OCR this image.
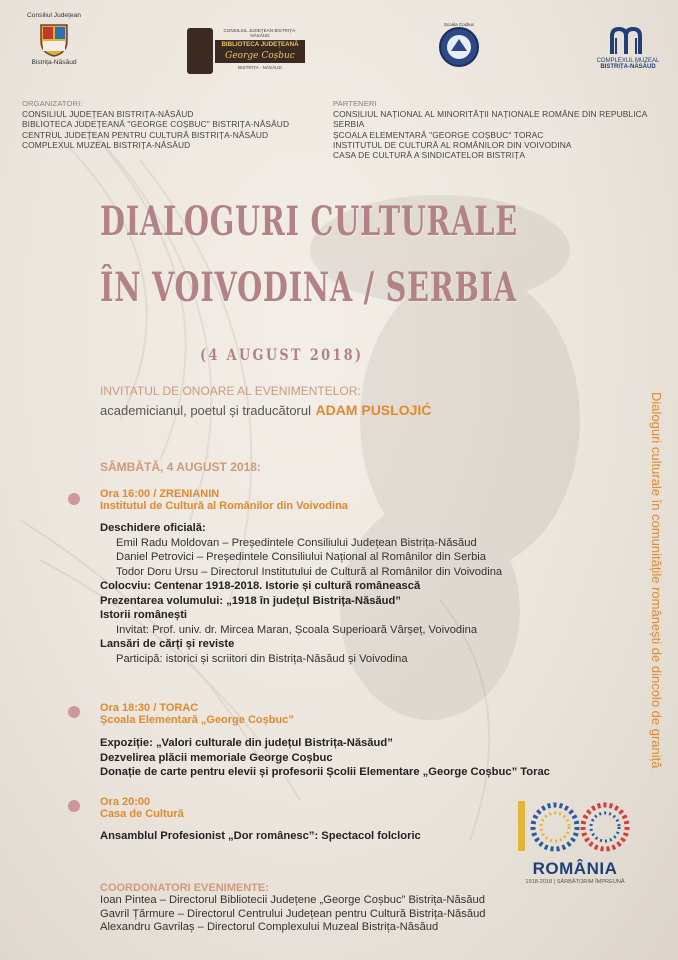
Consiliul Județean
Bistrița-Năsăud
CONSILIUL JUDEȚEAN BISTRIȚA-NĂSĂUD
BIBLIOTECA JUDEȚEANĂ
George Coșbuc
BISTRIȚA - NĂSĂUD
Școala Coșbuc
COMPLEXUL MUZEAL
BISTRIȚA-NĂSĂUD
ORGANIZATORI:
CONSILIUL JUDEȚEAN BISTRIȚA-NĂSĂUD
BIBLIOTECA JUDEȚEANĂ "GEORGE COȘBUC" BISTRIȚA-NĂSĂUD
CENTRUL JUDEȚEAN PENTRU CULTURĂ BISTRIȚA-NĂSĂUD
COMPLEXUL MUZEAL BISTRIȚA-NĂSĂUD
PARTENERI
CONSILIUL NAȚIONAL AL MINORITĂȚII NAȚIONALE ROMÂNE DIN REPUBLICA SERBIA
ȘCOALA ELEMENTARĂ "GEORGE COȘBUC" TORAC
INSTITUTUL DE CULTURĂ AL ROMÂNILOR DIN VOIVODINA
CASA DE CULTURĂ A SINDICATELOR BISTRIȚA
DIALOGURI CULTURALE
ÎN VOIVODINA / SERBIA
(4 AUGUST 2018)
INVITATUL DE ONOARE AL EVENIMENTELOR:
academicianul, poetul și traducătorul ADAM PUSLOJIĆ
SÂMBĂTĂ, 4 AUGUST 2018:
Ora 16:00 / ZRENIANIN
Institutul de Cultură al Românilor din Voivodina
Deschidere oficială:
Emil Radu Moldovan – Președintele Consiliului Județean Bistrița-Năsăud
Daniel Petrovici – Președintele Consiliului Național al Românilor din Serbia
Todor Doru Ursu – Directorul Institutului de Cultură al Românilor din Voivodina
Colocviu: Centenar 1918-2018. Istorie și cultură românească
Prezentarea volumului: „1918 în județul Bistrița-Năsăud”
Istorii românești
Invitat: Prof. univ. dr. Mircea Maran, Școala Superioară Vârșeț, Voivodina
Lansări de cărți și reviste
Participă: istorici și scriitori din Bistrița-Năsăud și Voivodina
Ora 18:30 / TORAC
Școala Elementară „George Coșbuc”
Expoziție: „Valori culturale din județul Bistrița-Năsăud”
Dezvelirea plăcii memoriale George Coșbuc
Donație de carte pentru elevii și profesorii Școlii Elementare „George Coșbuc” Torac
Ora 20:00
Casa de Cultură
Ansamblul Profesionist „Dor românesc”: Spectacol folcloric
ROMÂNIA
1918-2018 | SĂRBĂTORIM ÎMPREUNĂ
COORDONATORI EVENIMENTE:
Ioan Pintea – Directorul Bibliotecii Județene „George Coșbuc” Bistrița-Năsăud
Gavril Țărmure – Directorul Centrului Județean pentru Cultură Bistrița-Năsăud
Alexandru Gavrilaș – Directorul Complexului Muzeal Bistrița-Năsăud
Dialoguri culturale în comunitățile românești de dincolo de graniță
